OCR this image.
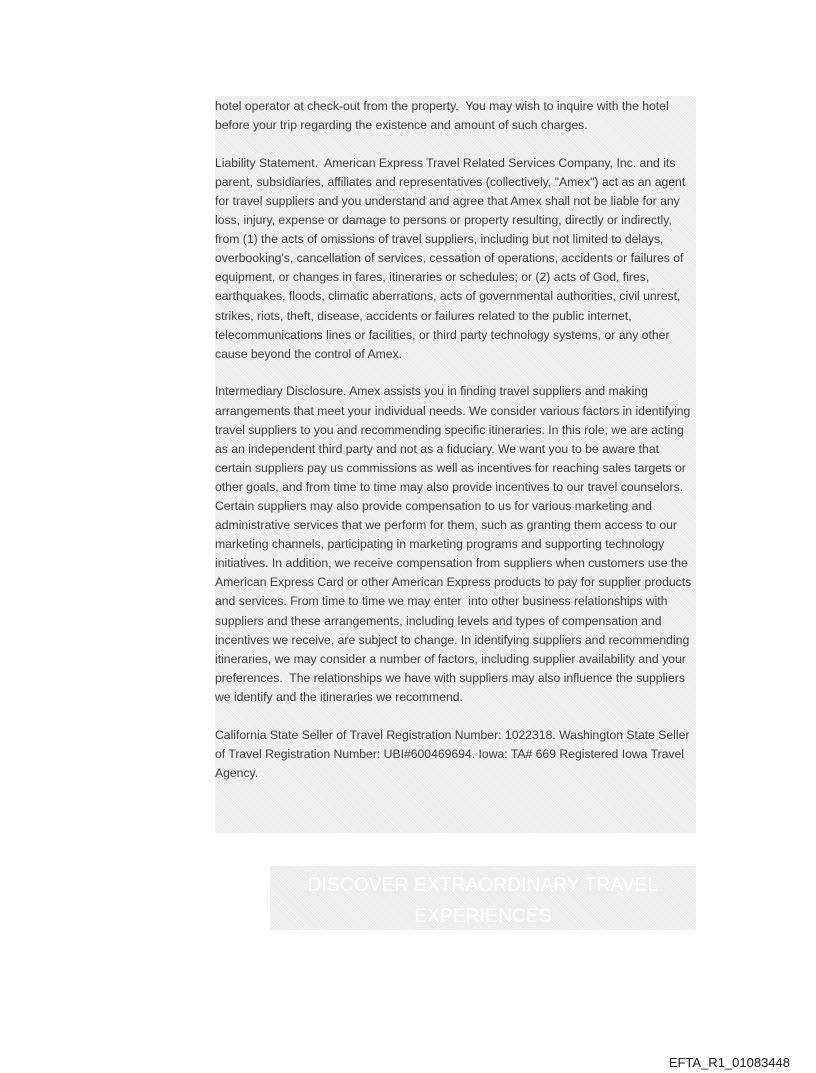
hotel operator at check-out from the property.  You may wish to inquire with the hotel before your trip regarding the existence and amount of such charges.

Liability Statement.  American Express Travel Related Services Company, Inc. and its parent, subsidiaries, affiliates and representatives (collectively, "Amex") act as an agent for travel suppliers and you understand and agree that Amex shall not be liable for any loss, injury, expense or damage to persons or property resulting, directly or indirectly, from (1) the acts of omissions of travel suppliers, including but not limited to delays, overbooking's, cancellation of services, cessation of operations, accidents or failures of equipment, or changes in fares, itineraries or schedules; or (2) acts of God, fires, earthquakes, floods, climatic aberrations, acts of governmental authorities, civil unrest, strikes, riots, theft, disease, accidents or failures related to the public internet, telecommunications lines or facilities, or third party technology systems, or any other cause beyond the control of Amex.

Intermediary Disclosure. Amex assists you in finding travel suppliers and making arrangements that meet your individual needs. We consider various factors in identifying travel suppliers to you and recommending specific itineraries. In this role, we are acting as an independent third party and not as a fiduciary. We want you to be aware that certain suppliers pay us commissions as well as incentives for reaching sales targets or other goals, and from time to time may also provide incentives to our travel counselors. Certain suppliers may also provide compensation to us for various marketing and administrative services that we perform for them, such as granting them access to our marketing channels, participating in marketing programs and supporting technology initiatives. In addition, we receive compensation from suppliers when customers use the American Express Card or other American Express products to pay for supplier products and services. From time to time we may enter  into other business relationships with suppliers and these arrangements, including levels and types of compensation and incentives we receive, are subject to change. In identifying suppliers and recommending itineraries, we may consider a number of factors, including supplier availability and your preferences.  The relationships we have with suppliers may also influence the suppliers we identify and the itineraries we recommend.

California State Seller of Travel Registration Number: 1022318. Washington State Seller of Travel Registration Number: UBI#600469694. Iowa: TA# 669 Registered Iowa Travel Agency.

DISCOVER EXTRAORDINARY TRAVEL EXPERIENCES
EFTA_R1_01083448
